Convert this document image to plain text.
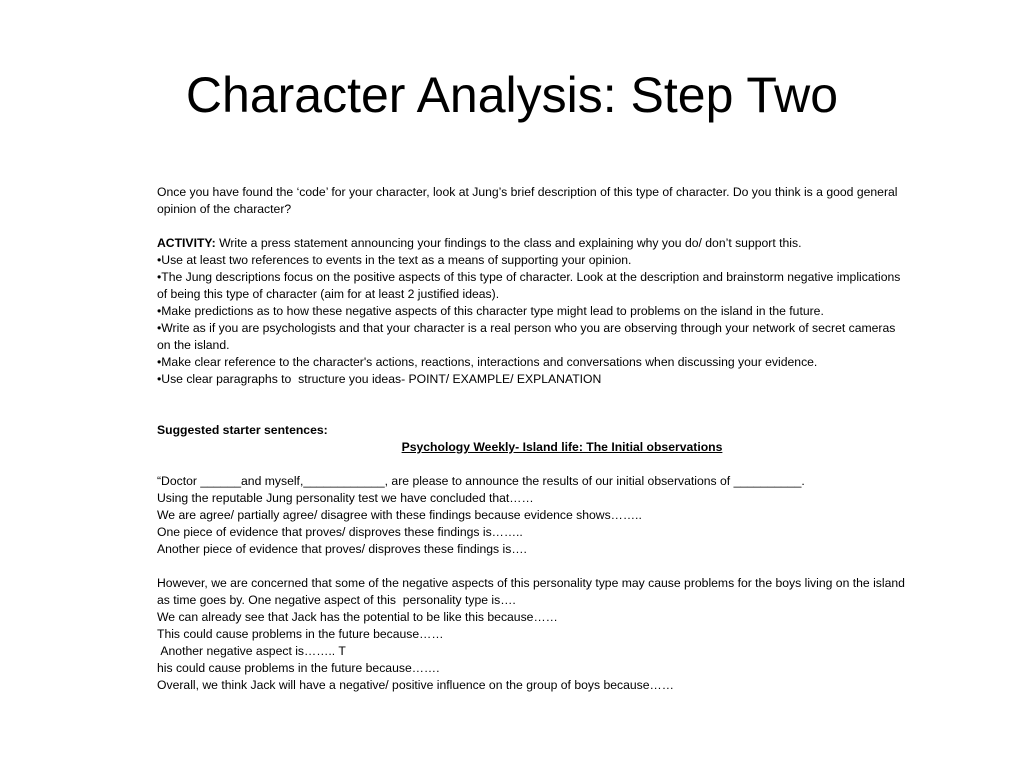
Character Analysis: Step Two

Once you have found the ‘code’ for your character, look at Jung’s brief description of this type of character. Do you think is a good general

opinion of the character?

ACTIVITY: Write a press statement announcing your findings to the class and explaining why you do/ don’t support this.

•Use at least two references to events in the text as a means of supporting your opinion.

•The Jung descriptions focus on the positive aspects of this type of character. Look at the description and brainstorm negative implications

of being this type of character (aim for at least 2 justified ideas).

•Make predictions as to how these negative aspects of this character type might lead to problems on the island in the future.

•Write as if you are psychologists and that your character is a real person who you are observing through your network of secret cameras

on the island.

•Make clear reference to the character's actions, reactions, interactions and conversations when discussing your evidence.

•Use clear paragraphs to  structure you ideas- POINT/ EXAMPLE/ EXPLANATION

Suggested starter sentences:

Psychology Weekly- Island life: The Initial observations

“Doctor ______and myself,____________, are please to announce the results of our initial observations of __________.

Using the reputable Jung personality test we have concluded that……

We are agree/ partially agree/ disagree with these findings because evidence shows……..

One piece of evidence that proves/ disproves these findings is……..

Another piece of evidence that proves/ disproves these findings is….

However, we are concerned that some of the negative aspects of this personality type may cause problems for the boys living on the island

as time goes by. One negative aspect of this  personality type is….

We can already see that Jack has the potential to be like this because……

This could cause problems in the future because……

Another negative aspect is…….. T

his could cause problems in the future because…….

Overall, we think Jack will have a negative/ positive influence on the group of boys because……
